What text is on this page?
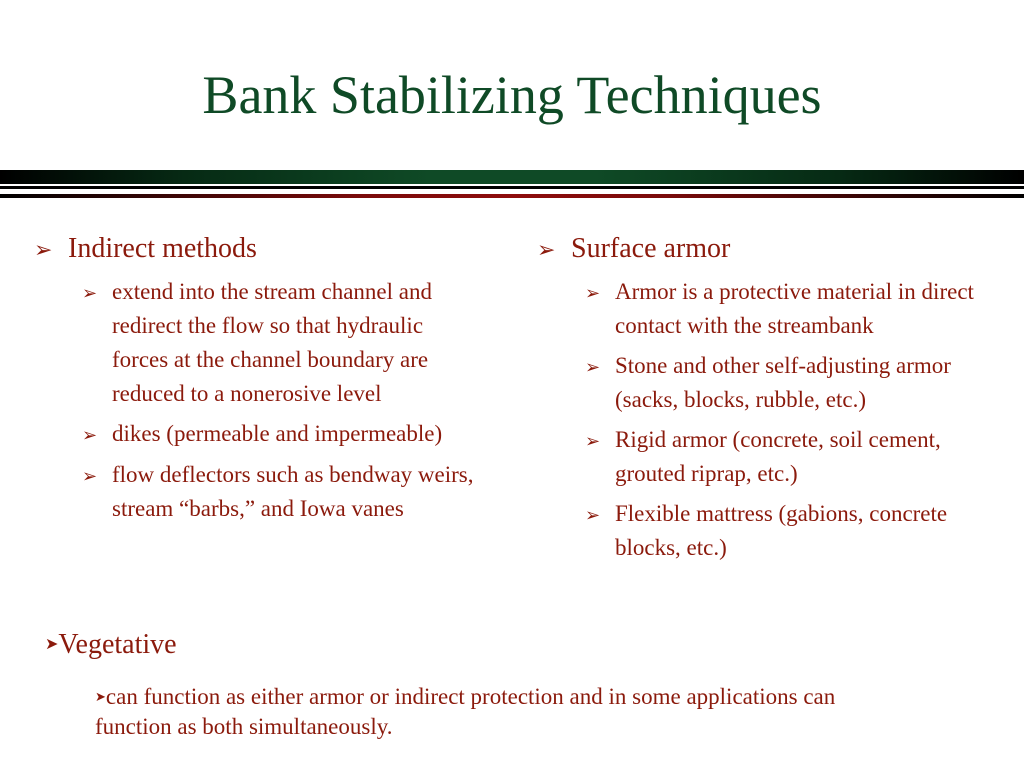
Bank Stabilizing Techniques
➢ Indirect methods
➢ extend into the stream channel and redirect the flow so that hydraulic forces at the channel boundary are reduced to a nonerosive level
➢ dikes (permeable and impermeable)
➢ flow deflectors such as bendway weirs, stream “barbs,” and Iowa vanes
➢ Surface armor
➢ Armor is a protective material in direct contact with the streambank
➢ Stone and other self-adjusting armor (sacks, blocks, rubble, etc.)
➢ Rigid armor (concrete, soil cement, grouted riprap, etc.)
➢ Flexible mattress (gabions, concrete blocks, etc.)
➤Vegetative
➤can function as either armor or indirect protection and in some applications can function as both simultaneously.
